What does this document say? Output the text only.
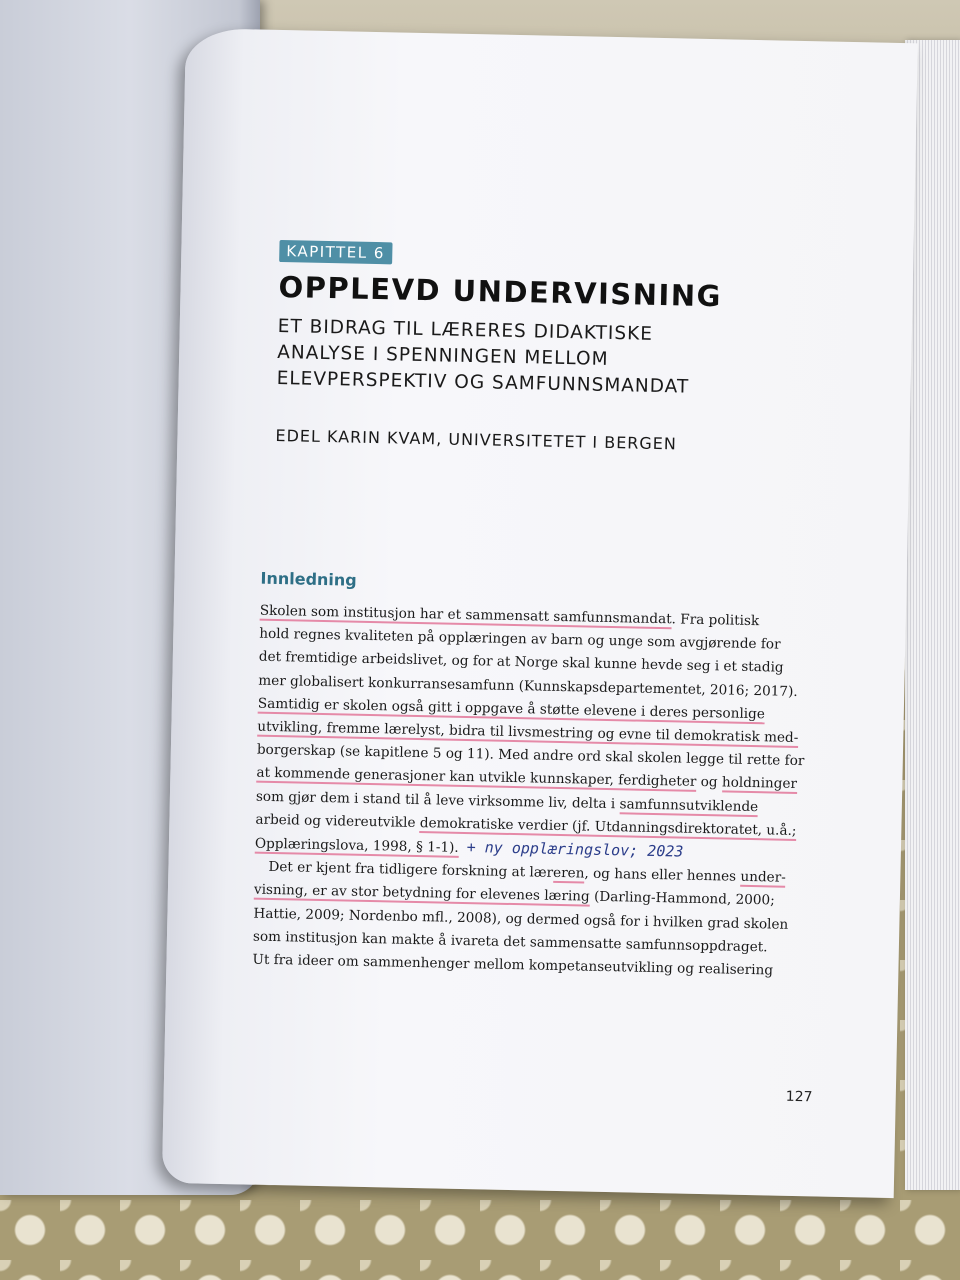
KAPITTEL 6
OPPLEVD UNDERVISNING
ET BIDRAG TIL LÆRERES DIDAKTISKE
ANALYSE I SPENNINGEN MELLOM
ELEVPERSPEKTIV OG SAMFUNNSMANDAT
EDEL KARIN KVAM, UNIVERSITETET I BERGEN
Innledning
Skolen som institusjon har et sammensatt samfunnsmandat. Fra politisk
hold regnes kvaliteten på opplæringen av barn og unge som avgjørende for
det fremtidige arbeidslivet, og for at Norge skal kunne hevde seg i et stadig
mer globalisert konkurransesamfunn (Kunnskapsdepartementet, 2016; 2017).
Samtidig er skolen også gitt i oppgave å støtte elevene i deres personlige
utvikling, fremme lærelyst, bidra til livsmestring og evne til demokratisk med-
borgerskap (se kapitlene 5 og 11). Med andre ord skal skolen legge til rette for
at kommende generasjoner kan utvikle kunnskaper, ferdigheter og holdninger
som gjør dem i stand til å leve virksomme liv, delta i samfunnsutviklende
arbeid og videreutvikle demokratiske verdier (jf. Utdanningsdirektoratet, u.å.;
Opplæringslova, 1998, § 1-1). + ny opplæringslov; 2023
Det er kjent fra tidligere forskning at læreren, og hans eller hennes under-
visning, er av stor betydning for elevenes læring (Darling-Hammond, 2000;
Hattie, 2009; Nordenbo mfl., 2008), og dermed også for i hvilken grad skolen
som institusjon kan makte å ivareta det sammensatte samfunnsoppdraget.
Ut fra ideer om sammenhenger mellom kompetanseutvikling og realisering
127
